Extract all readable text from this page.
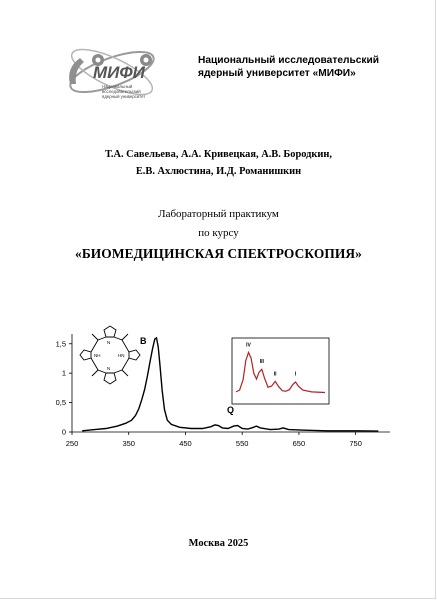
МИФИ
Национальный
исследовательский
ядерный университет
Национальный исследовательский
ядерный университет «МИФИ»
Т.А. Савельева, А.А. Кривецкая, А.В. Бородкин,
Е.В. Ахлюстина, И.Д. Романишкин
Лабораторный практикум
по курсу
«БИОМЕДИЦИНСКАЯ СПЕКТРОСКОПИЯ»
0
0,5
1
1,5
250	350	450	550	650	750
N
N
NH	HN
B
Q
IV
III
II	I
Москва 2025
